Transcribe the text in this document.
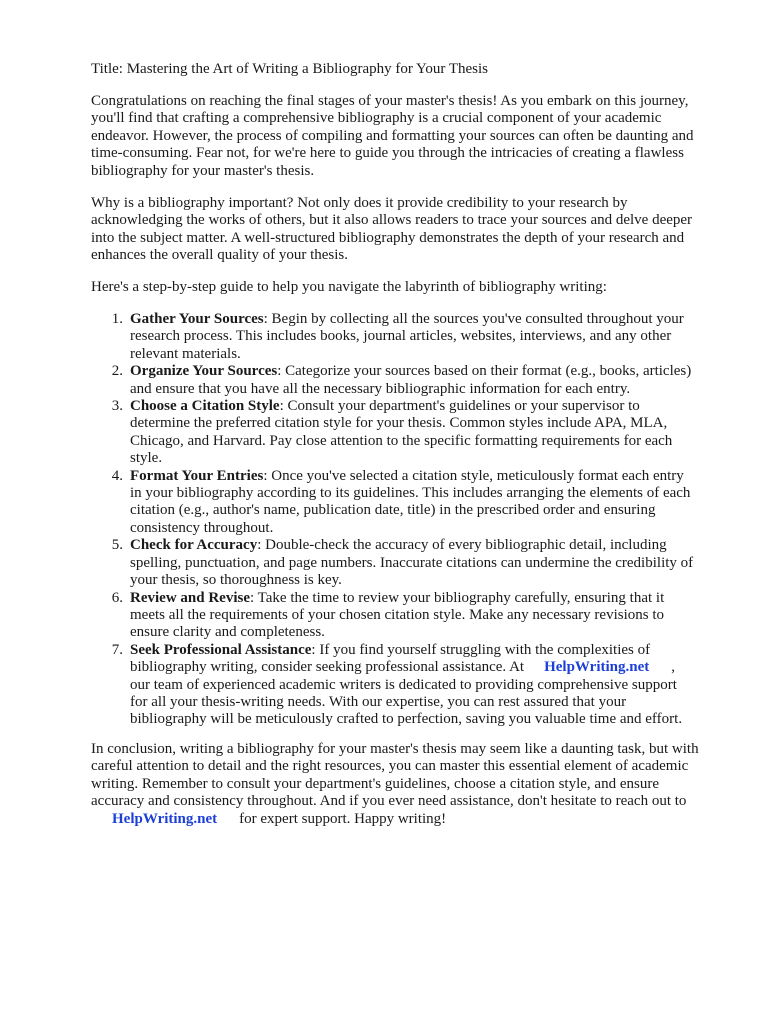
Title: Mastering the Art of Writing a Bibliography for Your Thesis
Congratulations on reaching the final stages of your master's thesis! As you embark on this journey,
you'll find that crafting a comprehensive bibliography is a crucial component of your academic
endeavor. However, the process of compiling and formatting your sources can often be daunting and
time-consuming. Fear not, for we're here to guide you through the intricacies of creating a flawless
bibliography for your master's thesis.
Why is a bibliography important? Not only does it provide credibility to your research by
acknowledging the works of others, but it also allows readers to trace your sources and delve deeper
into the subject matter. A well-structured bibliography demonstrates the depth of your research and
enhances the overall quality of your thesis.
Here's a step-by-step guide to help you navigate the labyrinth of bibliography writing:
1. Gather Your Sources: Begin by collecting all the sources you've consulted throughout your
research process. This includes books, journal articles, websites, interviews, and any other
relevant materials.
2. Organize Your Sources: Categorize your sources based on their format (e.g., books, articles)
and ensure that you have all the necessary bibliographic information for each entry.
3. Choose a Citation Style: Consult your department's guidelines or your supervisor to
determine the preferred citation style for your thesis. Common styles include APA, MLA,
Chicago, and Harvard. Pay close attention to the specific formatting requirements for each
style.
4. Format Your Entries: Once you've selected a citation style, meticulously format each entry
in your bibliography according to its guidelines. This includes arranging the elements of each
citation (e.g., author's name, publication date, title) in the prescribed order and ensuring
consistency throughout.
5. Check for Accuracy: Double-check the accuracy of every bibliographic detail, including
spelling, punctuation, and page numbers. Inaccurate citations can undermine the credibility of
your thesis, so thoroughness is key.
6. Review and Revise: Take the time to review your bibliography carefully, ensuring that it
meets all the requirements of your chosen citation style. Make any necessary revisions to
ensure clarity and completeness.
7. Seek Professional Assistance: If you find yourself struggling with the complexities of
bibliography writing, consider seeking professional assistance. At HelpWriting.net ,
our team of experienced academic writers is dedicated to providing comprehensive support
for all your thesis-writing needs. With our expertise, you can rest assured that your
bibliography will be meticulously crafted to perfection, saving you valuable time and effort.
In conclusion, writing a bibliography for your master's thesis may seem like a daunting task, but with
careful attention to detail and the right resources, you can master this essential element of academic
writing. Remember to consult your department's guidelines, choose a citation style, and ensure
accuracy and consistency throughout. And if you ever need assistance, don't hesitate to reach out to
HelpWriting.net for expert support. Happy writing!
